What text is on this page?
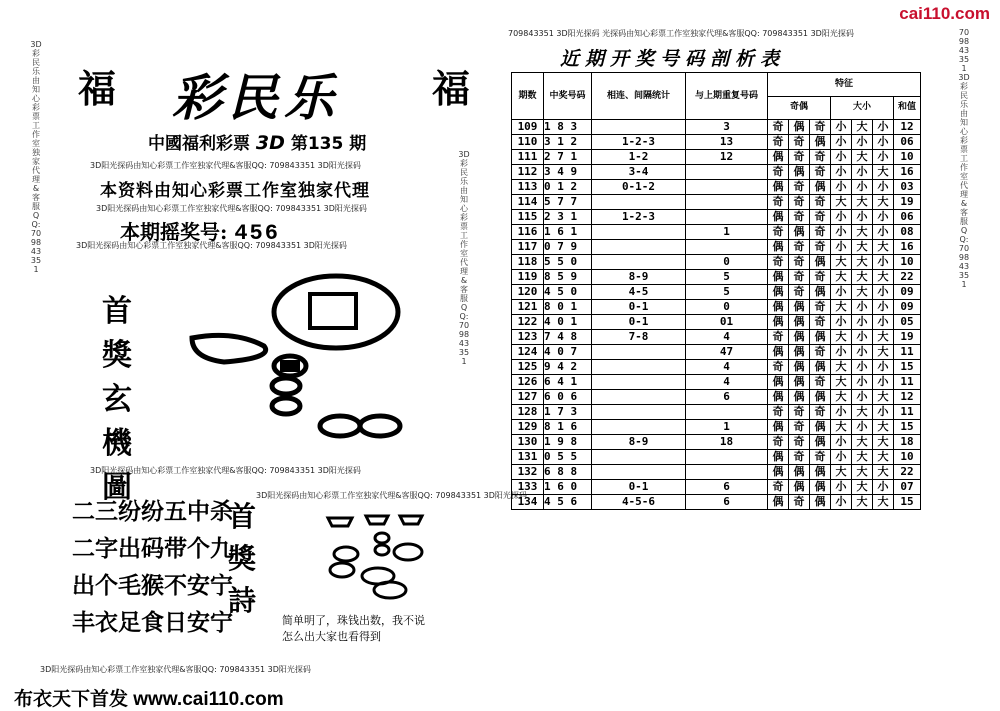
cai110.com
3D彩民乐由知心彩票工作室独家代理&客服QQ:709843351
3D彩民乐由知心彩票工作室代理&客服QQ:709843351
福	福
彩民乐
中國福利彩票 3D 第135 期
3D阳光探码由知心彩票工作室独家代理&客服QQ: 709843351 3D阳光探码
本资料由知心彩票工作室独家代理
3D阳光探码由知心彩票工作室独家代理&客服QQ: 709843351 3D阳光探码
本期摇奖号: 456
3D阳光探码由知心彩票工作室独家代理&客服QQ: 709843351 3D阳光探码
首
獎
玄
機
圖
3D阳光探码由知心彩票工作室独家代理&客服QQ: 709843351 3D阳光探码
3D阳光探码由知心彩票工作室独家代理&客服QQ: 709843351 3D阳光探码
二三纷纷五中杀
二字出码带个九
出个毛猴不安宁
丰衣足食日安宁
首
獎
詩
简单明了，珠钱出数，我不说
怎么出大家也看得到
3D阳光探码由知心彩票工作室独家代理&客服QQ: 709843351 3D阳光探码
布衣天下首发 www.cai110.com
709843351 3D阳光探码 光探码由知心彩票工作室独家代理&客服QQ: 709843351 3D阳光探码
近期开奖号码剖析表
709843351 3D彩民乐由知心彩票工作室代理&客服QQ:709843351
期数	中奖号码	相连、间隔统计	与上期重复号码	特征						
				奇偶			大小			和值
109	1 8 3		3	奇	偶	奇	小	大	小	12
110	3 1 2	1-2-3	13	奇	奇	偶	小	小	小	06
111	2 7 1	1-2	12	偶	奇	奇	小	大	小	10
112	3 4 9	3-4		奇	偶	奇	小	小	大	16
113	0 1 2	0-1-2		偶	奇	偶	小	小	小	03
114	5 7 7			奇	奇	奇	大	大	大	19
115	2 3 1	1-2-3		偶	奇	奇	小	小	小	06
116	1 6 1		1	奇	偶	奇	小	大	小	08
117	0 7 9			偶	奇	奇	小	大	大	16
118	5 5 0		0	奇	奇	偶	大	大	小	10
119	8 5 9	8-9	5	偶	奇	奇	大	大	大	22
120	4 5 0	4-5	5	偶	奇	偶	小	大	小	09
121	8 0 1	0-1	0	偶	偶	奇	大	小	小	09
122	4 0 1	0-1	01	偶	偶	奇	小	小	小	05
123	7 4 8	7-8	4	奇	偶	偶	大	小	大	19
124	4 0 7		47	偶	偶	奇	小	小	大	11
125	9 4 2		4	奇	偶	偶	大	小	小	15
126	6 4 1		4	偶	偶	奇	大	小	小	11
127	6 0 6		6	偶	偶	偶	大	小	大	12
128	1 7 3			奇	奇	奇	小	大	小	11
129	8 1 6		1	偶	奇	偶	大	小	大	15
130	1 9 8	8-9	18	奇	奇	偶	小	大	大	18
131	0 5 5			偶	奇	奇	小	大	大	10
132	6 8 8			偶	偶	偶	大	大	大	22
133	1 6 0	0-1	6	奇	偶	偶	小	大	小	07
134	4 5 6	4-5-6	6	偶	奇	偶	小	大	大	15
